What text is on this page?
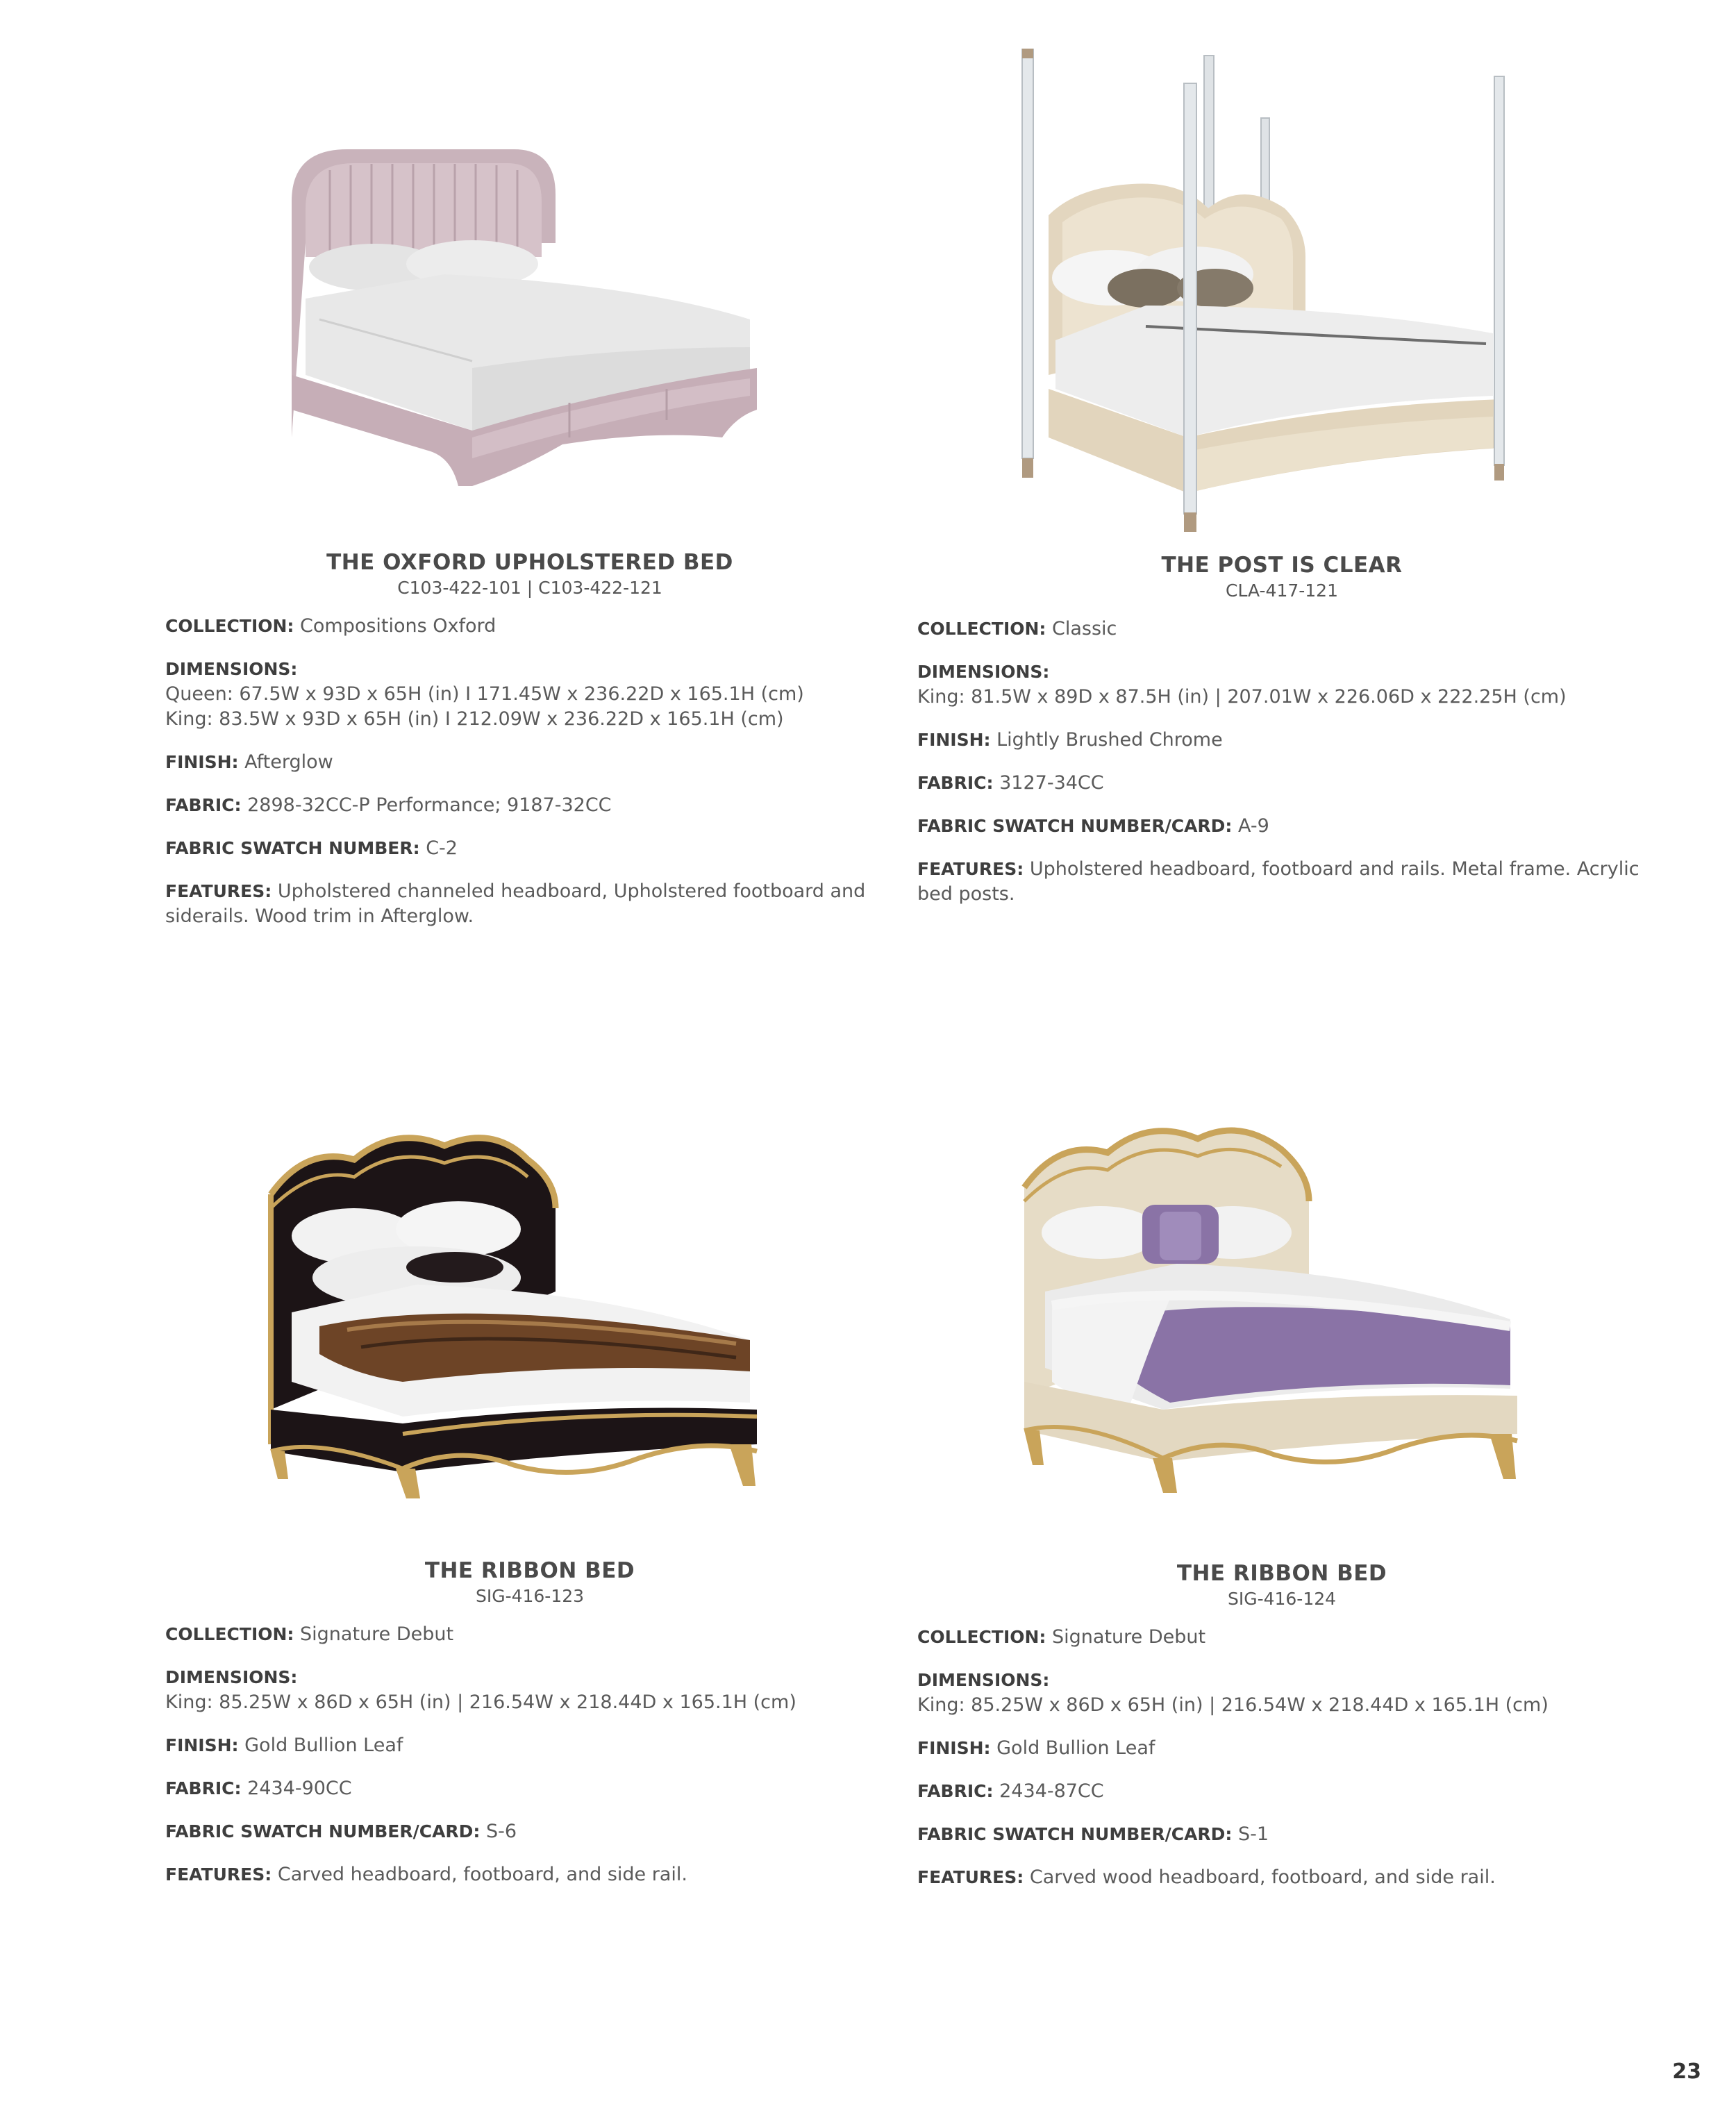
THE OXFORD UPHOLSTERED BED
C103-422-101 | C103-422-121
COLLECTION: Compositions Oxford
DIMENSIONS:
Queen: 67.5W x 93D x 65H (in) I 171.45W x 236.22D x 165.1H (cm)
King: 83.5W x 93D x 65H (in) I 212.09W x 236.22D x 165.1H (cm)
FINISH: Afterglow
FABRIC: 2898-32CC-P Performance; 9187-32CC
FABRIC SWATCH NUMBER: C-2
FEATURES: Upholstered channeled headboard, Upholstered footboard and siderails. Wood trim in Afterglow.
THE POST IS CLEAR
CLA-417-121
COLLECTION: Classic
DIMENSIONS:
King: 81.5W x 89D x 87.5H (in) | 207.01W x 226.06D x 222.25H (cm)
FINISH: Lightly Brushed Chrome
FABRIC: 3127-34CC
FABRIC SWATCH NUMBER/CARD: A-9
FEATURES: Upholstered headboard, footboard and rails. Metal frame. Acrylic bed posts.
THE RIBBON BED
SIG-416-123
COLLECTION: Signature Debut
DIMENSIONS:
King: 85.25W x 86D x 65H (in) | 216.54W x 218.44D x 165.1H (cm)
FINISH: Gold Bullion Leaf
FABRIC: 2434-90CC
FABRIC SWATCH NUMBER/CARD: S-6
FEATURES: Carved headboard, footboard, and side rail.
THE RIBBON BED
SIG-416-124
COLLECTION: Signature Debut
DIMENSIONS:
King: 85.25W x 86D x 65H (in) | 216.54W x 218.44D x 165.1H (cm)
FINISH: Gold Bullion Leaf
FABRIC: 2434-87CC
FABRIC SWATCH NUMBER/CARD: S-1
FEATURES: Carved wood headboard, footboard, and side rail.
23
